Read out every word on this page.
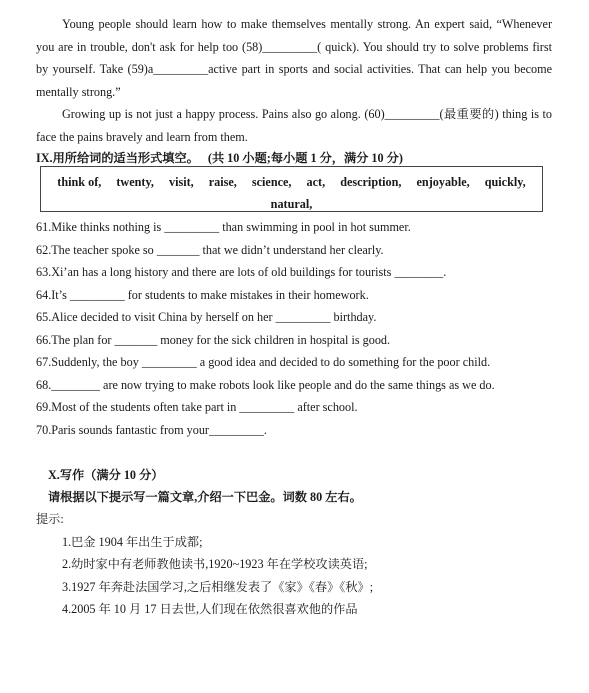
Young people should learn how to make themselves mentally strong. An expert said, “Whenever you are in trouble, don't ask for help too (58)_________( quick). You should try to solve problems first by yourself. Take (59)a_________active part in sports and social activities. That can help you become mentally strong.”
Growing up is not just a happy process. Pains also go along. (60)_________(最重要的) thing is to face the pains bravely and learn from them.
IX.用所给词的适当形式填空。 (共 10 小题;每小题 1 分，满分 10 分)
think of, twenty, visit, raise, science, act, description, enjoyable, quickly,
natural,
61.Mike thinks nothing is _________ than swimming in pool in hot summer.
62.The teacher spoke so _______ that we didn’t understand her clearly.
63.Xi’an has a long history and there are lots of old buildings for tourists ________.
64.It’s _________ for students to make mistakes in their homework.
65.Alice decided to visit China by herself on her _________ birthday.
66.The plan for _______ money for the sick children in hospital is good.
67.Suddenly, the boy _________ a good idea and decided to do something for the poor child.
68.________ are now trying to make robots look like people and do the same things as we do.
69.Most of the students often take part in _________ after school.
70.Paris sounds fantastic from your_________.
X.写作（满分 10 分）
请根据以下提示写一篇文章,介绍一下巴金。词数 80 左右。
提示:
1.巴金 1904 年出生于成都;
2.幼时家中有老师教他读书,1920~1923 年在学校攻读英语;
3.1927 年奔赴法国学习,之后相继发表了《家》《春》《秋》;
4.2005 年 10 月 17 日去世,人们现在依然很喜欢他的作品
